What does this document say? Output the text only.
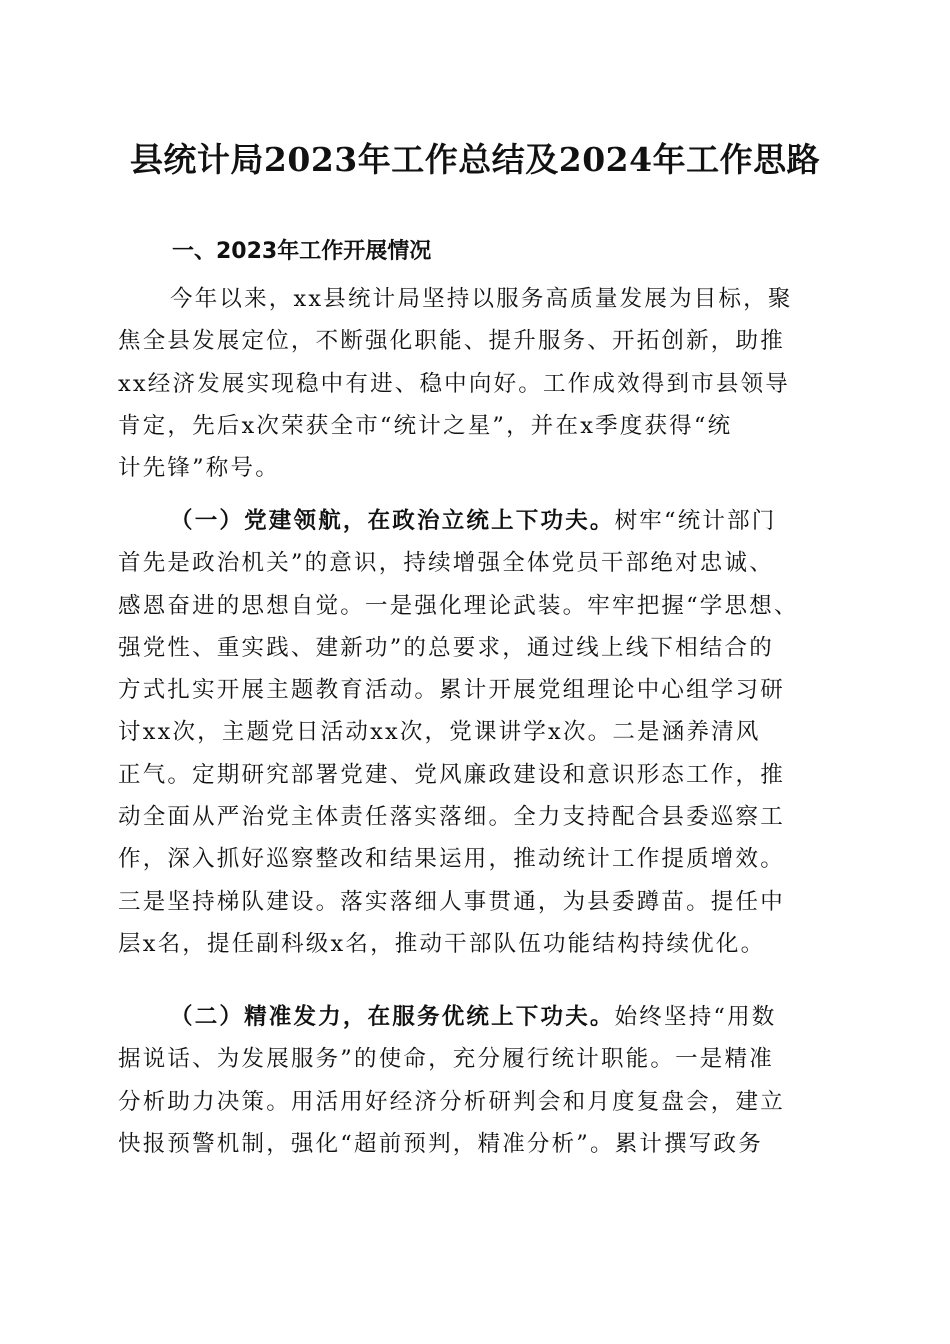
县统计局2023年工作总结及2024年工作思路
一、2023年工作开展情况
今年以来，xx县统计局坚持以服务高质量发展为目标，聚
焦全县发展定位，不断强化职能、提升服务、开拓创新，助推
xx经济发展实现稳中有进、稳中向好。工作成效得到市县领导
肯定，先后x次荣获全市“统计之星”，并在x季度获得“统
计先锋”称号。
（一）党建领航，在政治立统上下功夫。树牢“统计部门
首先是政治机关”的意识，持续增强全体党员干部绝对忠诚、
感恩奋进的思想自觉。一是强化理论武装。牢牢把握“学思想、
强党性、重实践、建新功”的总要求，通过线上线下相结合的
方式扎实开展主题教育活动。累计开展党组理论中心组学习研
讨xx次，主题党日活动xx次，党课讲学x次。二是涵养清风
正气。定期研究部署党建、党风廉政建设和意识形态工作，推
动全面从严治党主体责任落实落细。全力支持配合县委巡察工
作，深入抓好巡察整改和结果运用，推动统计工作提质增效。
三是坚持梯队建设。落实落细人事贯通，为县委蹲苗。提任中
层x名，提任副科级x名，推动干部队伍功能结构持续优化。
（二）精准发力，在服务优统上下功夫。始终坚持“用数
据说话、为发展服务”的使命，充分履行统计职能。一是精准
分析助力决策。用活用好经济分析研判会和月度复盘会，建立
快报预警机制，强化“超前预判，精准分析”。累计撰写政务
